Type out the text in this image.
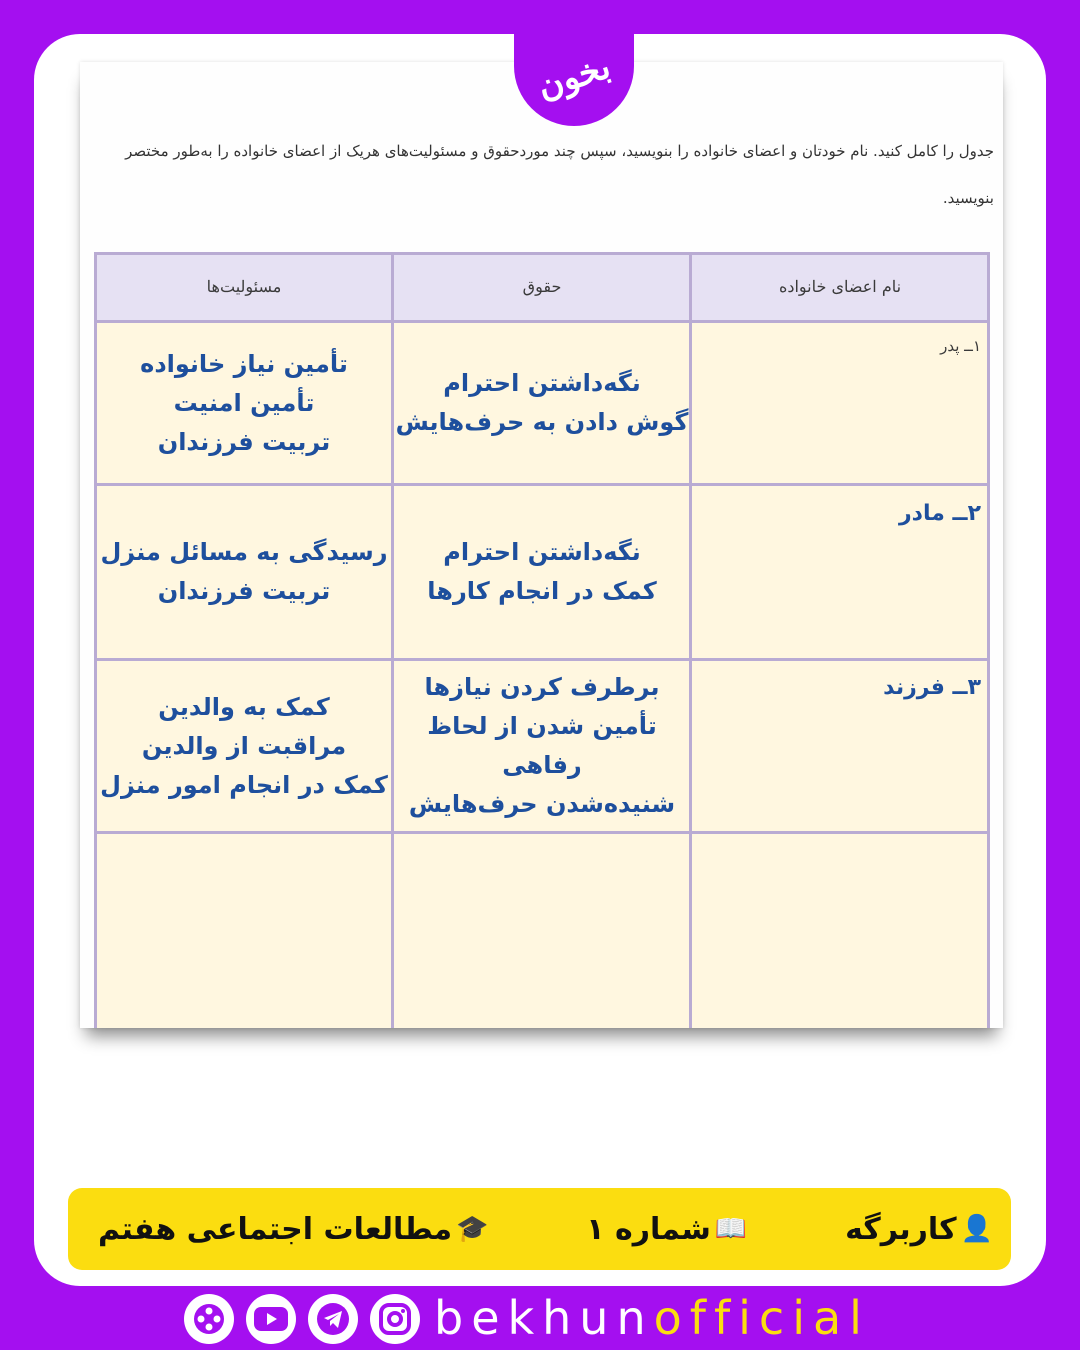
بخون
جدول را کامل کنید. نام خودتان و اعضای خانواده را بنویسید، سپس چند موردحقوق و مسئولیت‌های هریک از اعضای خانواده را به‌طور مختصر بنویسید.
نام اعضای خانواده
حقوق
مسئولیت‌ها
۱ــ پدر
نگه‌داشتن احترام
گوش دادن به حرف‌هایش
تأمین نیاز خانواده
تأمین امنیت
تربیت فرزندان
۲ــ مادر
نگه‌داشتن احترام
کمک در انجام کارها
رسیدگی به مسائل منزل
تربیت فرزندان
۳ــ فرزند
برطرف کردن نیازها
تأمین شدن از لحاظ رفاهی
شنیده‌شدن حرف‌هایش
کمک به والدین
مراقبت از والدین
کمک در انجام امور منزل
👤
کاربرگه
📖
شماره ۱
🎓
مطالعات اجتماعی هفتم
bekhunofficial
